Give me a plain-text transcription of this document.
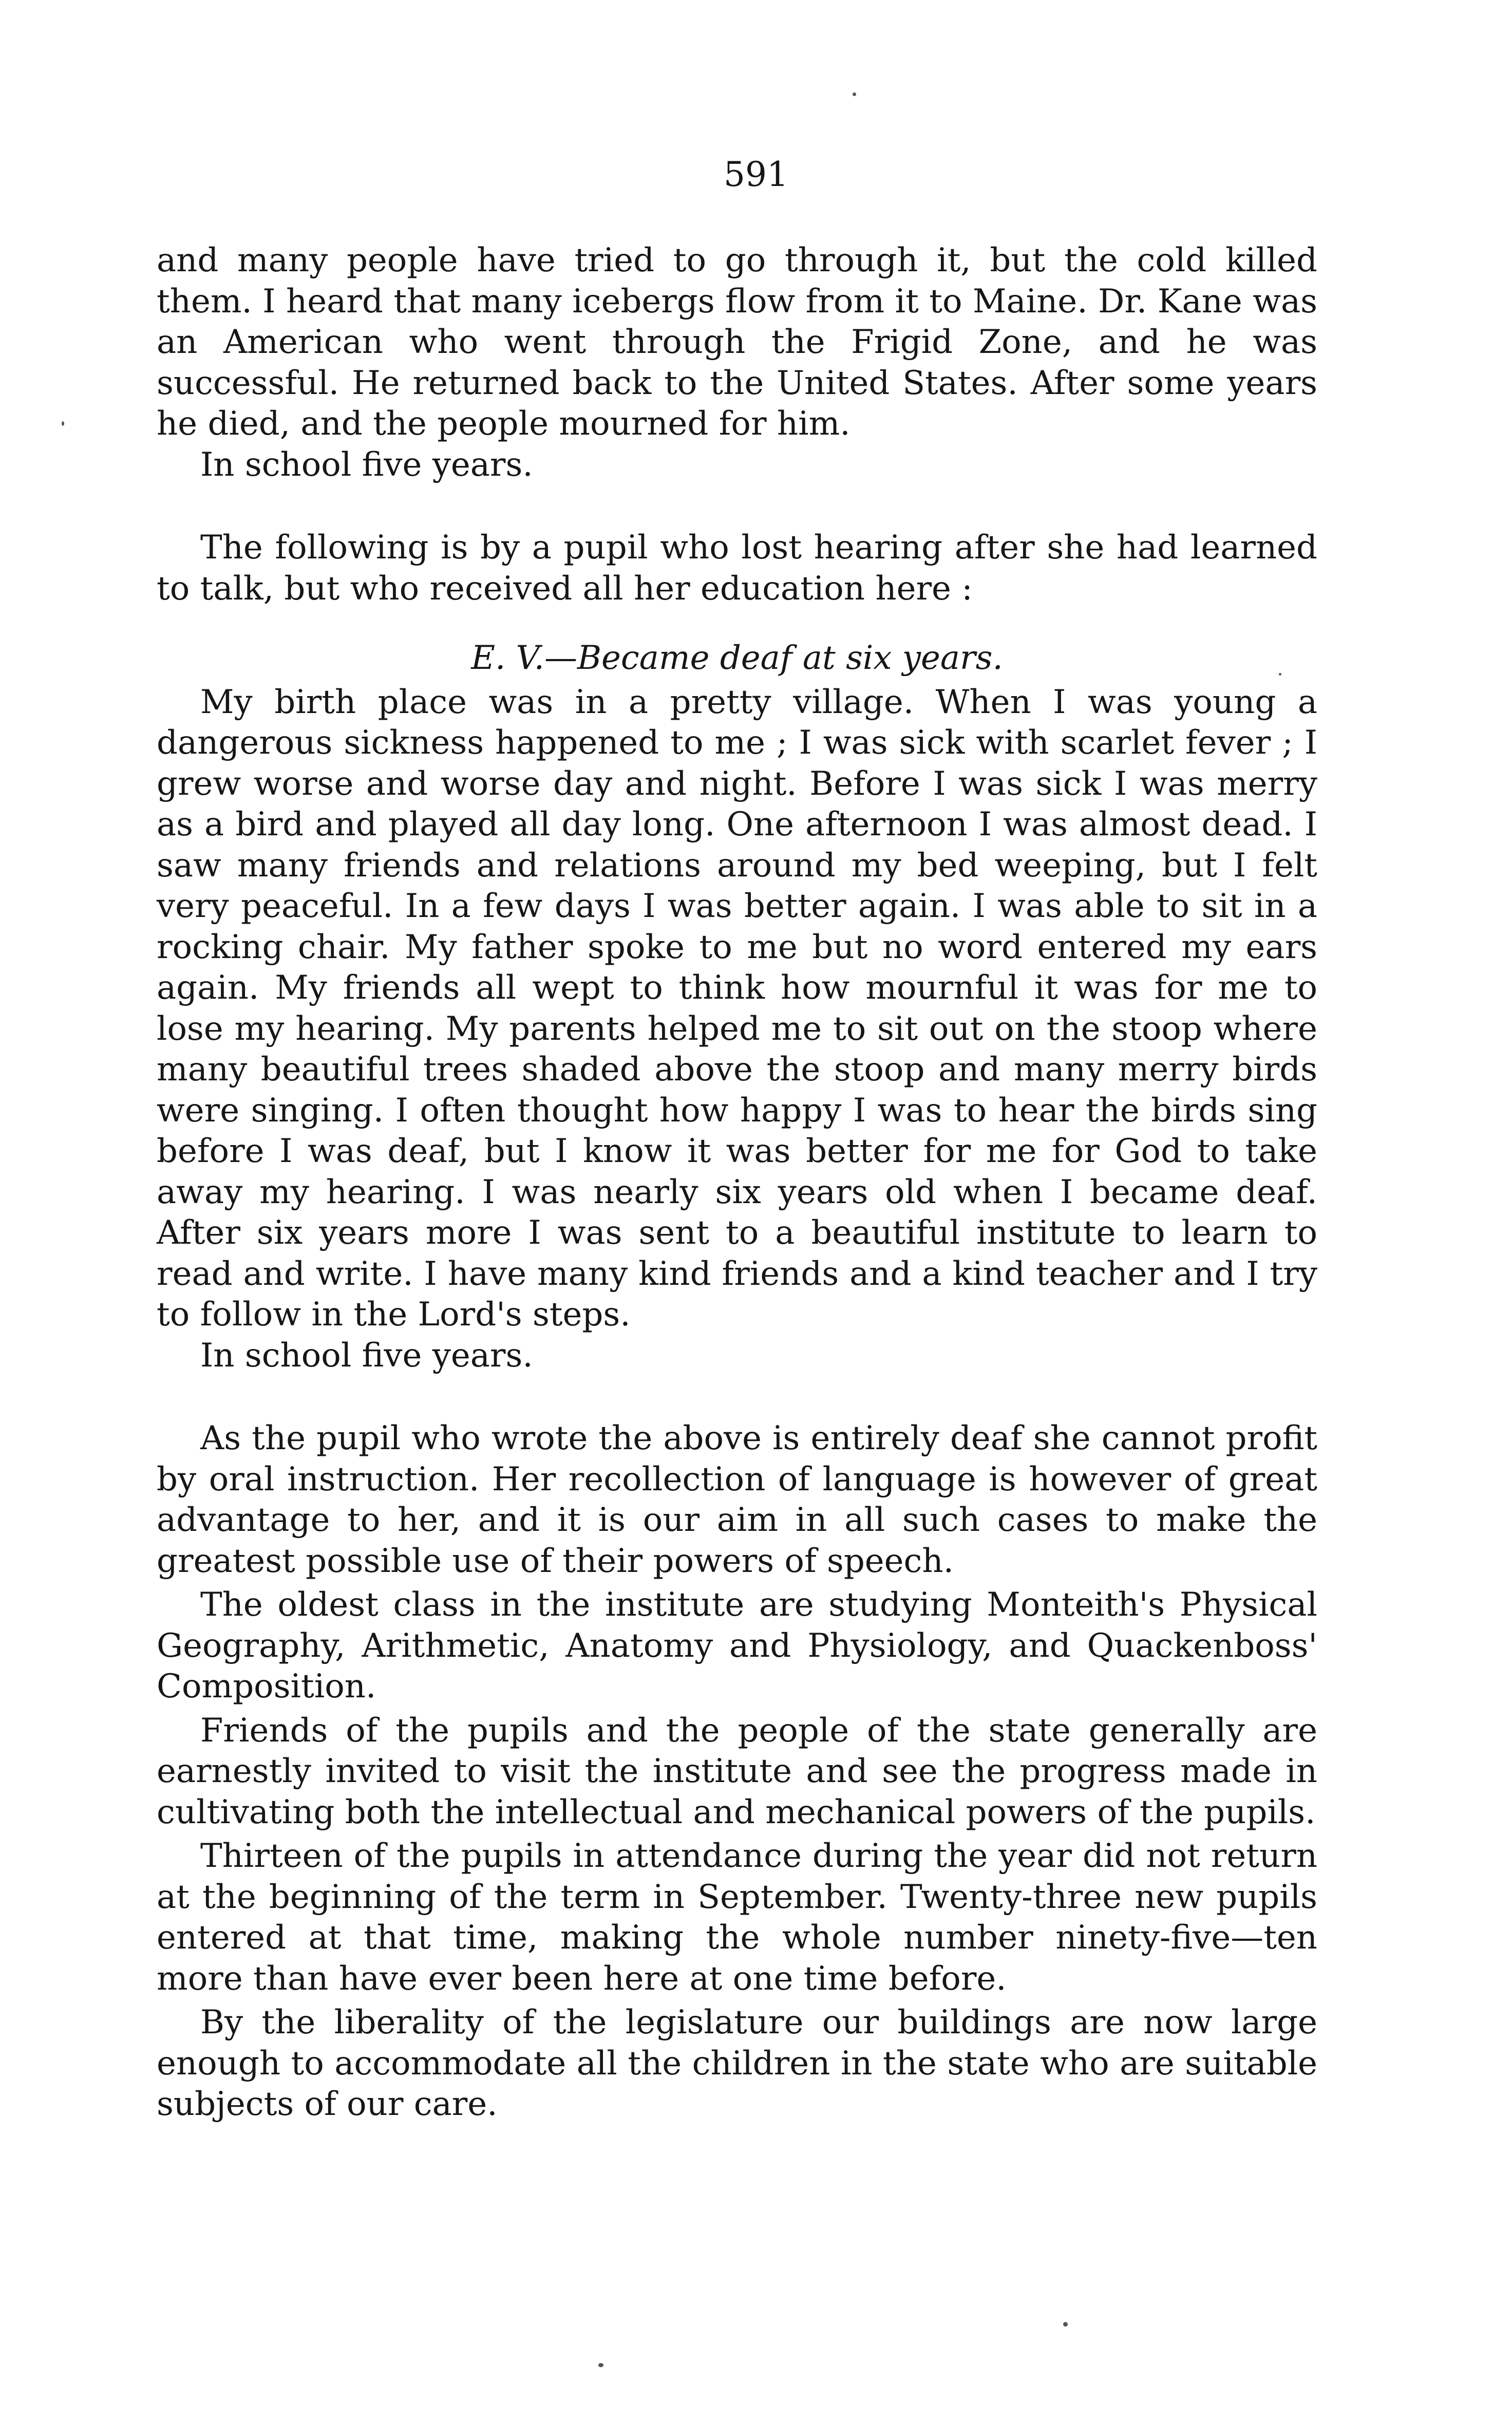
591

and many people have tried to go through it, but the cold killed them. I heard that many icebergs flow from it to Maine. Dr. Kane was an American who went through the Frigid Zone, and he was successful. He returned back to the United States. After some years he died, and the people mourned for him.

In school five years.

The following is by a pupil who lost hearing after she had learned to talk, but who received all her education here :

E. V.—Became deaf at six years.

My birth place was in a pretty village. When I was young a dangerous sickness happened to me ; I was sick with scarlet fever ; I grew worse and worse day and night. Before I was sick I was merry as a bird and played all day long. One afternoon I was almost dead. I saw many friends and relations around my bed weeping, but I felt very peaceful. In a few days I was better again. I was able to sit in a rocking chair. My father spoke to me but no word entered my ears again. My friends all wept to think how mournful it was for me to lose my hearing. My parents helped me to sit out on the stoop where many beautiful trees shaded above the stoop and many merry birds were singing. I often thought how happy I was to hear the birds sing before I was deaf, but I know it was better for me for God to take away my hearing. I was nearly six years old when I became deaf. After six years more I was sent to a beautiful institute to learn to read and write. I have many kind friends and a kind teacher and I try to follow in the Lord's steps.

In school five years.

As the pupil who wrote the above is entirely deaf she cannot profit by oral instruction. Her recollection of language is however of great advantage to her, and it is our aim in all such cases to make the greatest possible use of their powers of speech.

The oldest class in the institute are studying Monteith's Physical Geography, Arithmetic, Anatomy and Physiology, and Quackenboss' Composition.

Friends of the pupils and the people of the state generally are earnestly invited to visit the institute and see the progress made in cultivating both the intellectual and mechanical powers of the pupils.

Thirteen of the pupils in attendance during the year did not return at the beginning of the term in September. Twenty-three new pupils entered at that time, making the whole number ninety-five—ten more than have ever been here at one time before.

By the liberality of the legislature our buildings are now large enough to accommodate all the children in the state who are suitable subjects of our care.
